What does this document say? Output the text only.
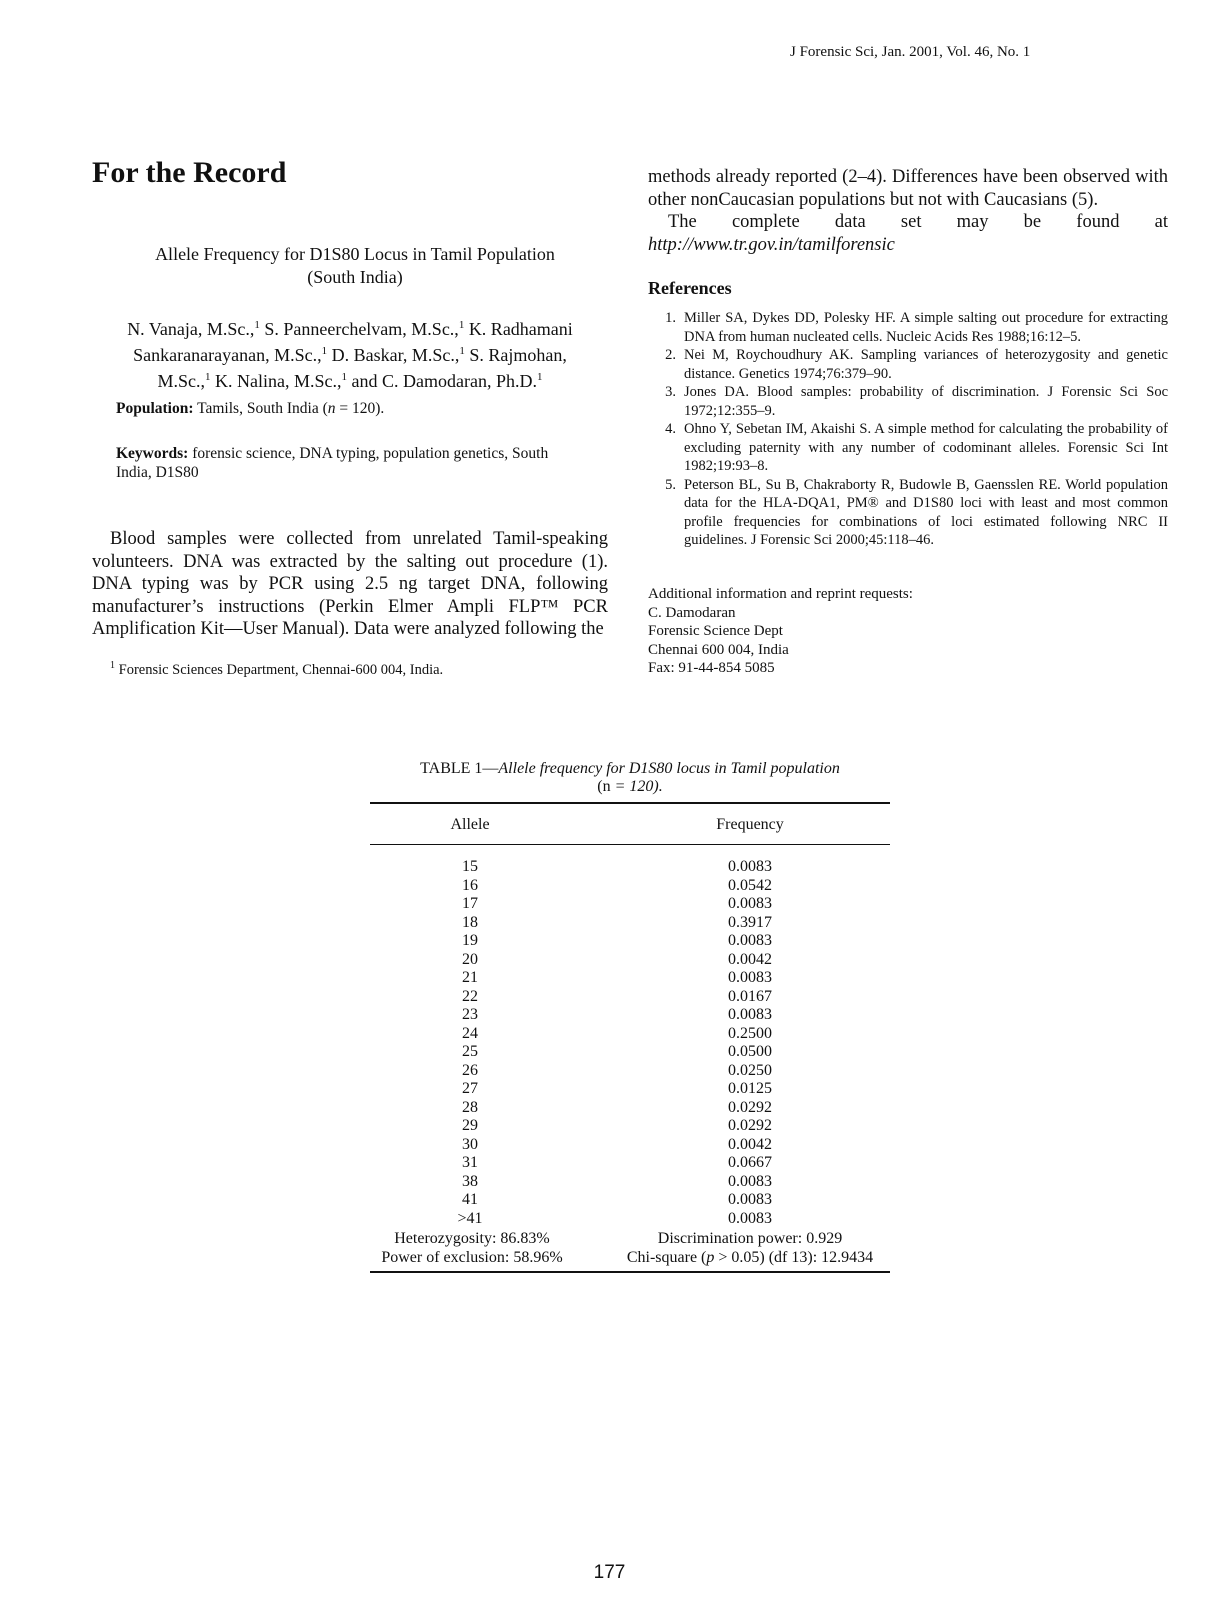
J Forensic Sci, Jan. 2001, Vol. 46, No. 1
For the Record
Allele Frequency for D1S80 Locus in Tamil Population
(South India)
N. Vanaja, M.Sc.,$^1$ S. Panneerchelvam, M.Sc.,$^1$ K. Radhamani
Sankaranarayanan, M.Sc.,$^1$ D. Baskar, M.Sc.,$^1$ S. Rajmohan,
M.Sc.,$^1$ K. Nalina, M.Sc.,$^1$ and C. Damodaran, Ph.D.$^1$
Population: Tamils, South India (n = 120).
Keywords: forensic science, DNA typing, population genetics, South India, D1S80
Blood samples were collected from unrelated Tamil-speaking volunteers. DNA was extracted by the salting out procedure (1). DNA typing was by PCR using 2.5 ng target DNA, following manufacturer’s instructions (Perkin Elmer Ampli FLP™ PCR Amplification Kit—User Manual). Data were analyzed following the
$^1$ Forensic Sciences Department, Chennai-600 004, India.

methods already reported (2–4). Differences have been observed with other nonCaucasian populations but not with Caucasians (5).

The complete data set may be found at http://www.tr.gov.in/tamilforensic

References
1. Miller SA, Dykes DD, Polesky HF. A simple salting out procedure for extracting DNA from human nucleated cells. Nucleic Acids Res 1988;16:12–5.
2. Nei M, Roychoudhury AK. Sampling variances of heterozygosity and genetic distance. Genetics 1974;76:379–90.
3. Jones DA. Blood samples: probability of discrimination. J Forensic Sci Soc 1972;12:355–9.
4. Ohno Y, Sebetan IM, Akaishi S. A simple method for calculating the probability of excluding paternity with any number of codominant alleles. Forensic Sci Int 1982;19:93–8.
5. Peterson BL, Su B, Chakraborty R, Budowle B, Gaensslen RE. World population data for the HLA-DQA1, PM® and D1S80 loci with least and most common profile frequencies for combinations of loci estimated following NRC II guidelines. J Forensic Sci 2000;45:118–46.
Additional information and reprint requests:
C. Damodaran
Forensic Science Dept
Chennai 600 004, India
Fax: 91-44-854 5085
TABLE 1—Allele frequency for D1S80 locus in Tamil population
(n = 120).
Allele	Frequency
15
16
17
18
19
20
21
22
23
24
25
26
27
28
29
30
31
38
41
>41
0.0083
0.0542
0.0083
0.3917
0.0083
0.0042
0.0083
0.0167
0.0083
0.2500
0.0500
0.0250
0.0125
0.0292
0.0292
0.0042
0.0667
0.0083
0.0083
0.0083
Heterozygosity: 86.83%
Power of exclusion: 58.96%
Discrimination power: 0.929
Chi-square (p > 0.05) (df 13): 12.9434
177
